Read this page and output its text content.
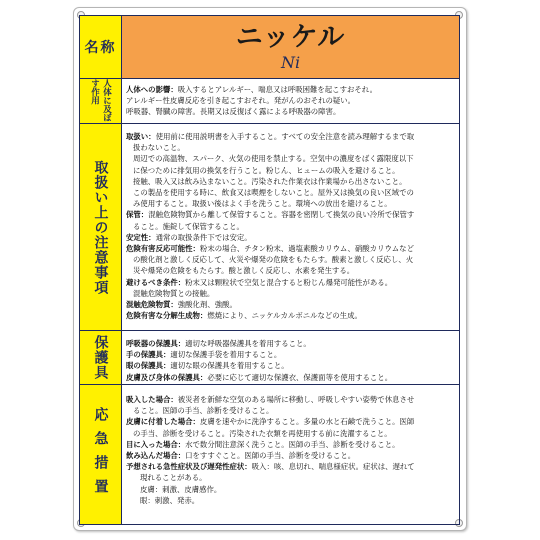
名称	ニッケル
Ni
人体に及ぼす作用	人体への影響：吸入するとアレルギー、喘息又は呼吸困難を起こすおそれ。

アレルギー性皮膚反応を引き起こすおそれ。発がんのおそれの疑い。

呼吸器、腎臓の障害。長期又は反復ばく露による呼吸器の障害。

取扱い上の注意事項

取扱い：使用前に使用説明書を入手すること。すべての安全注意を読み理解するまで取

扱わないこと。

周辺での高温物、スパーク、火気の使用を禁止する。空気中の濃度をばく露限度以下

に保つために排気用の換気を行うこと。粉じん、ヒュームの吸入を避けること。

接触、吸入又は飲み込まないこと。汚染された作業衣は作業場から出さないこと。

この製品を使用する時に、飲食又は喫煙をしないこと。屋外又は換気の良い区域での

み使用すること。取扱い後はよく手を洗うこと。環境への放出を避けること。

保管：混触危険物質から離して保管すること。容器を密閉して換気の良い冷所で保管す

ること。施錠して保管すること。

安定性：通常の取扱条件下では安定。

危険有害反応可能性：粉末の場合、チタン粉末、過塩素酸カリウム、硝酸カリウムなど

の酸化剤と激しく反応して、火災や爆発の危険をもたらす。酸素と激しく反応し、火

災や爆発の危険をもたらす。酸と激しく反応し、水素を発生する。

避けるべき条件：粉末又は顆粒状で空気と混合すると粉じん爆発可能性がある。

混触危険物質との接触。

混触危険物質：強酸化剤、強酸。

危険有害な分解生成物：燃焼により、ニッケルカルボニルなどの生成。

保護具 呼吸器の保護具：適切な呼吸器保護具を着用すること。

手の保護具：適切な保護手袋を着用すること。

眼の保護具：適切な眼の保護具を着用すること。

皮膚及び身体の保護具：必要に応じて適切な保護衣、保護面等を使用すること。

応急措置

吸入した場合：被災者を新鮮な空気のある場所に移動し、呼吸しやすい姿勢で休息させ

ること。医師の手当、診断を受けること。

皮膚に付着した場合：皮膚を速やかに洗浄すること。多量の水と石鹸で洗うこと。医師

の手当、診断を受けること。汚染された衣類を再使用する前に洗濯すること。

目に入った場合：水で数分間注意深く洗うこと。医師の手当、診断を受けること。

飲み込んだ場合：口をすすぐこと。医師の手当、診断を受けること。

予想される急性症状及び遅発性症状：吸入：咳、息切れ、喘息様症状。症状は、遅れて

現れることがある。

皮膚：刺激、皮膚感作。

眼：刺激、発赤。
